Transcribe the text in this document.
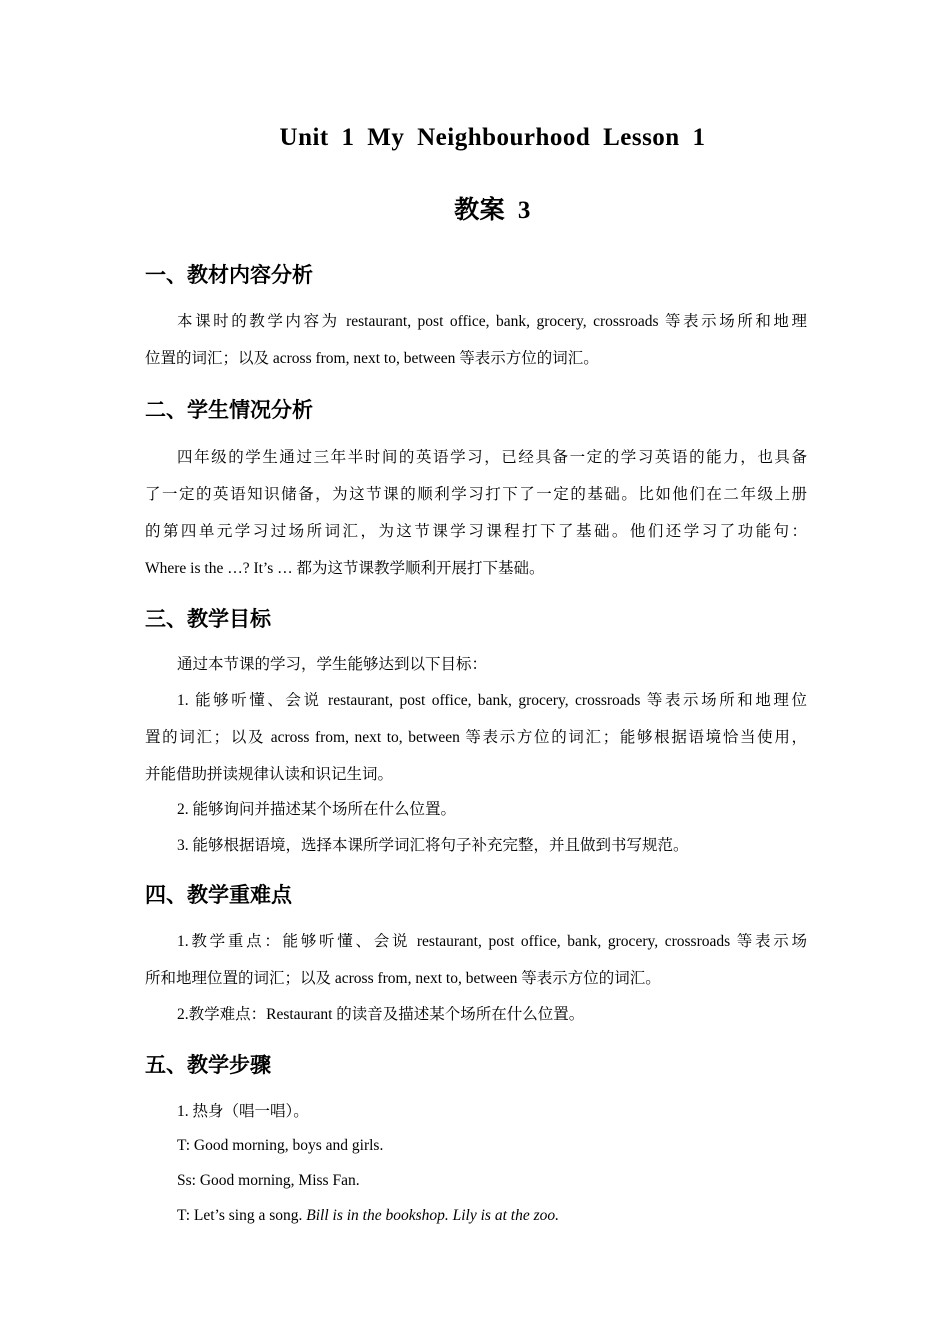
Unit 1 My Neighbourhood Lesson 1
教案 3
一、教材内容分析
本课时的教学内容为 restaurant, post office, bank, grocery, crossroads 等表示场所和地理
位置的词汇；以及 across from, next to, between 等表示方位的词汇。
二、学生情况分析
四年级的学生通过三年半时间的英语学习，已经具备一定的学习英语的能力，也具备
了一定的英语知识储备，为这节课的顺利学习打下了一定的基础。比如他们在二年级上册
的第四单元学习过场所词汇，为这节课学习课程打下了基础。他们还学习了功能句：
Where is the …? It’s … 都为这节课教学顺利开展打下基础。
三、教学目标
通过本节课的学习，学生能够达到以下目标：
1. 能够听懂、会说 restaurant, post office, bank, grocery, crossroads 等表示场所和地理位
置的词汇；以及 across from, next to, between 等表示方位的词汇；能够根据语境恰当使用，
并能借助拼读规律认读和识记生词。
2. 能够询问并描述某个场所在什么位置。
3. 能够根据语境，选择本课所学词汇将句子补充完整，并且做到书写规范。
四、教学重难点
1.教学重点：能够听懂、会说 restaurant, post office, bank, grocery, crossroads 等表示场
所和地理位置的词汇；以及 across from, next to, between 等表示方位的词汇。
2.教学难点：Restaurant 的读音及描述某个场所在什么位置。
五、教学步骤
1. 热身（唱一唱）。
T: Good morning, boys and girls.
Ss: Good morning, Miss Fan.
T: Let’s sing a song. Bill is in the bookshop. Lily is at the zoo.
